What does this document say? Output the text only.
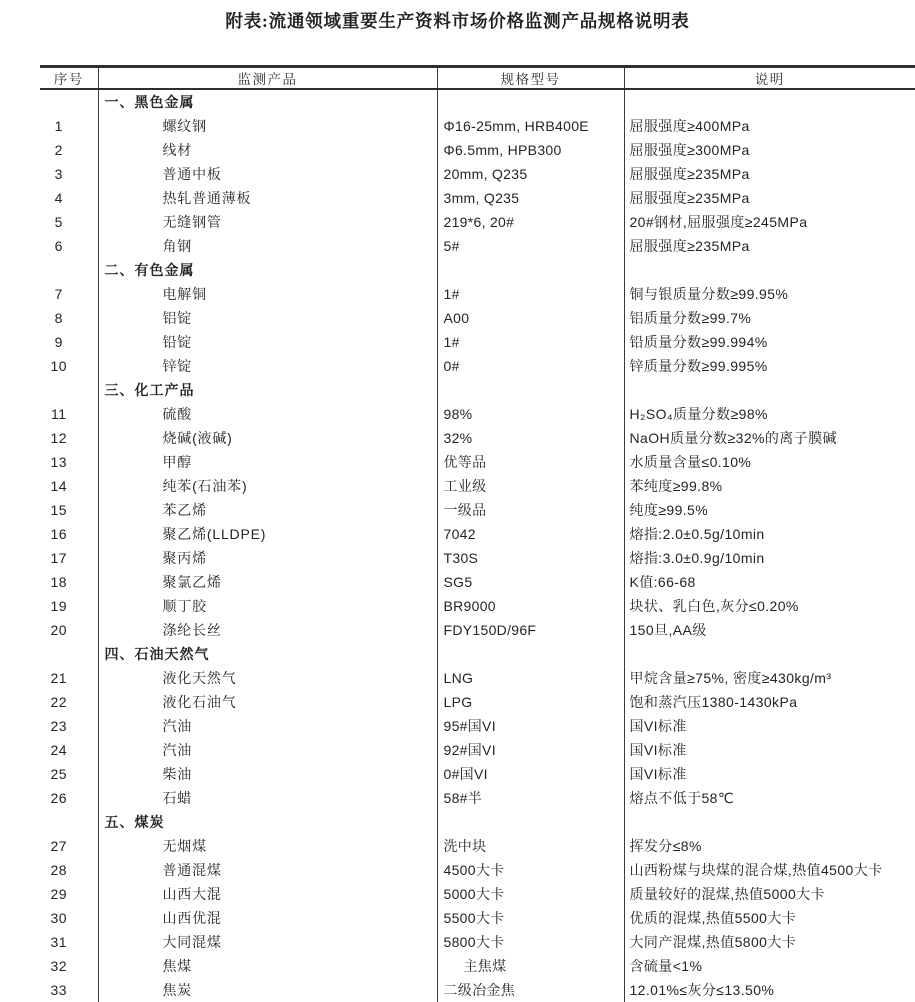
附表:流通领域重要生产资料市场价格监测产品规格说明表
序号	监测产品	规格型号	说明
	一、黑色金属		
1	螺纹钢	Φ16-25mm, HRB400E	屈服强度≥400MPa
2	线材	Φ6.5mm, HPB300	屈服强度≥300MPa
3	普通中板	20mm, Q235	屈服强度≥235MPa
4	热轧普通薄板	3mm, Q235	屈服强度≥235MPa
5	无缝钢管	219*6, 20#	20#钢材,屈服强度≥245MPa
6	角钢	5#	屈服强度≥235MPa
	二、有色金属		
7	电解铜	1#	铜与银质量分数≥99.95%
8	铝锭	A00	铝质量分数≥99.7%
9	铅锭	1#	铅质量分数≥99.994%
10	锌锭	0#	锌质量分数≥99.995%
	三、化工产品		
11	硫酸	98%	H₂SO₄质量分数≥98%
12	烧碱(液碱)	32%	NaOH质量分数≥32%的离子膜碱
13	甲醇	优等品	水质量含量≤0.10%
14	纯苯(石油苯)	工业级	苯纯度≥99.8%
15	苯乙烯	一级品	纯度≥99.5%
16	聚乙烯(LLDPE)	7042	熔指:2.0±0.5g/10min
17	聚丙烯	T30S	熔指:3.0±0.9g/10min
18	聚氯乙烯	SG5	K值:66-68
19	顺丁胶	BR9000	块状、乳白色,灰分≤0.20%
20	涤纶长丝	FDY150D/96F	150旦,AA级
	四、石油天然气		
21	液化天然气	LNG	甲烷含量≥75%, 密度≥430kg/m³
22	液化石油气	LPG	饱和蒸汽压1380-1430kPa
23	汽油	95#国VI	国VI标准
24	汽油	92#国VI	国VI标准
25	柴油	0#国VI	国VI标准
26	石蜡	58#半	熔点不低于58℃
	五、煤炭		
27	无烟煤	洗中块	挥发分≤8%
28	普通混煤	4500大卡	山西粉煤与块煤的混合煤,热值4500大卡
29	山西大混	5000大卡	质量较好的混煤,热值5000大卡
30	山西优混	5500大卡	优质的混煤,热值5500大卡
31	大同混煤	5800大卡	大同产混煤,热值5800大卡
32	焦煤	主焦煤	含硫量<1%
33	焦炭	二级冶金焦	12.01%≤灰分≤13.50%
